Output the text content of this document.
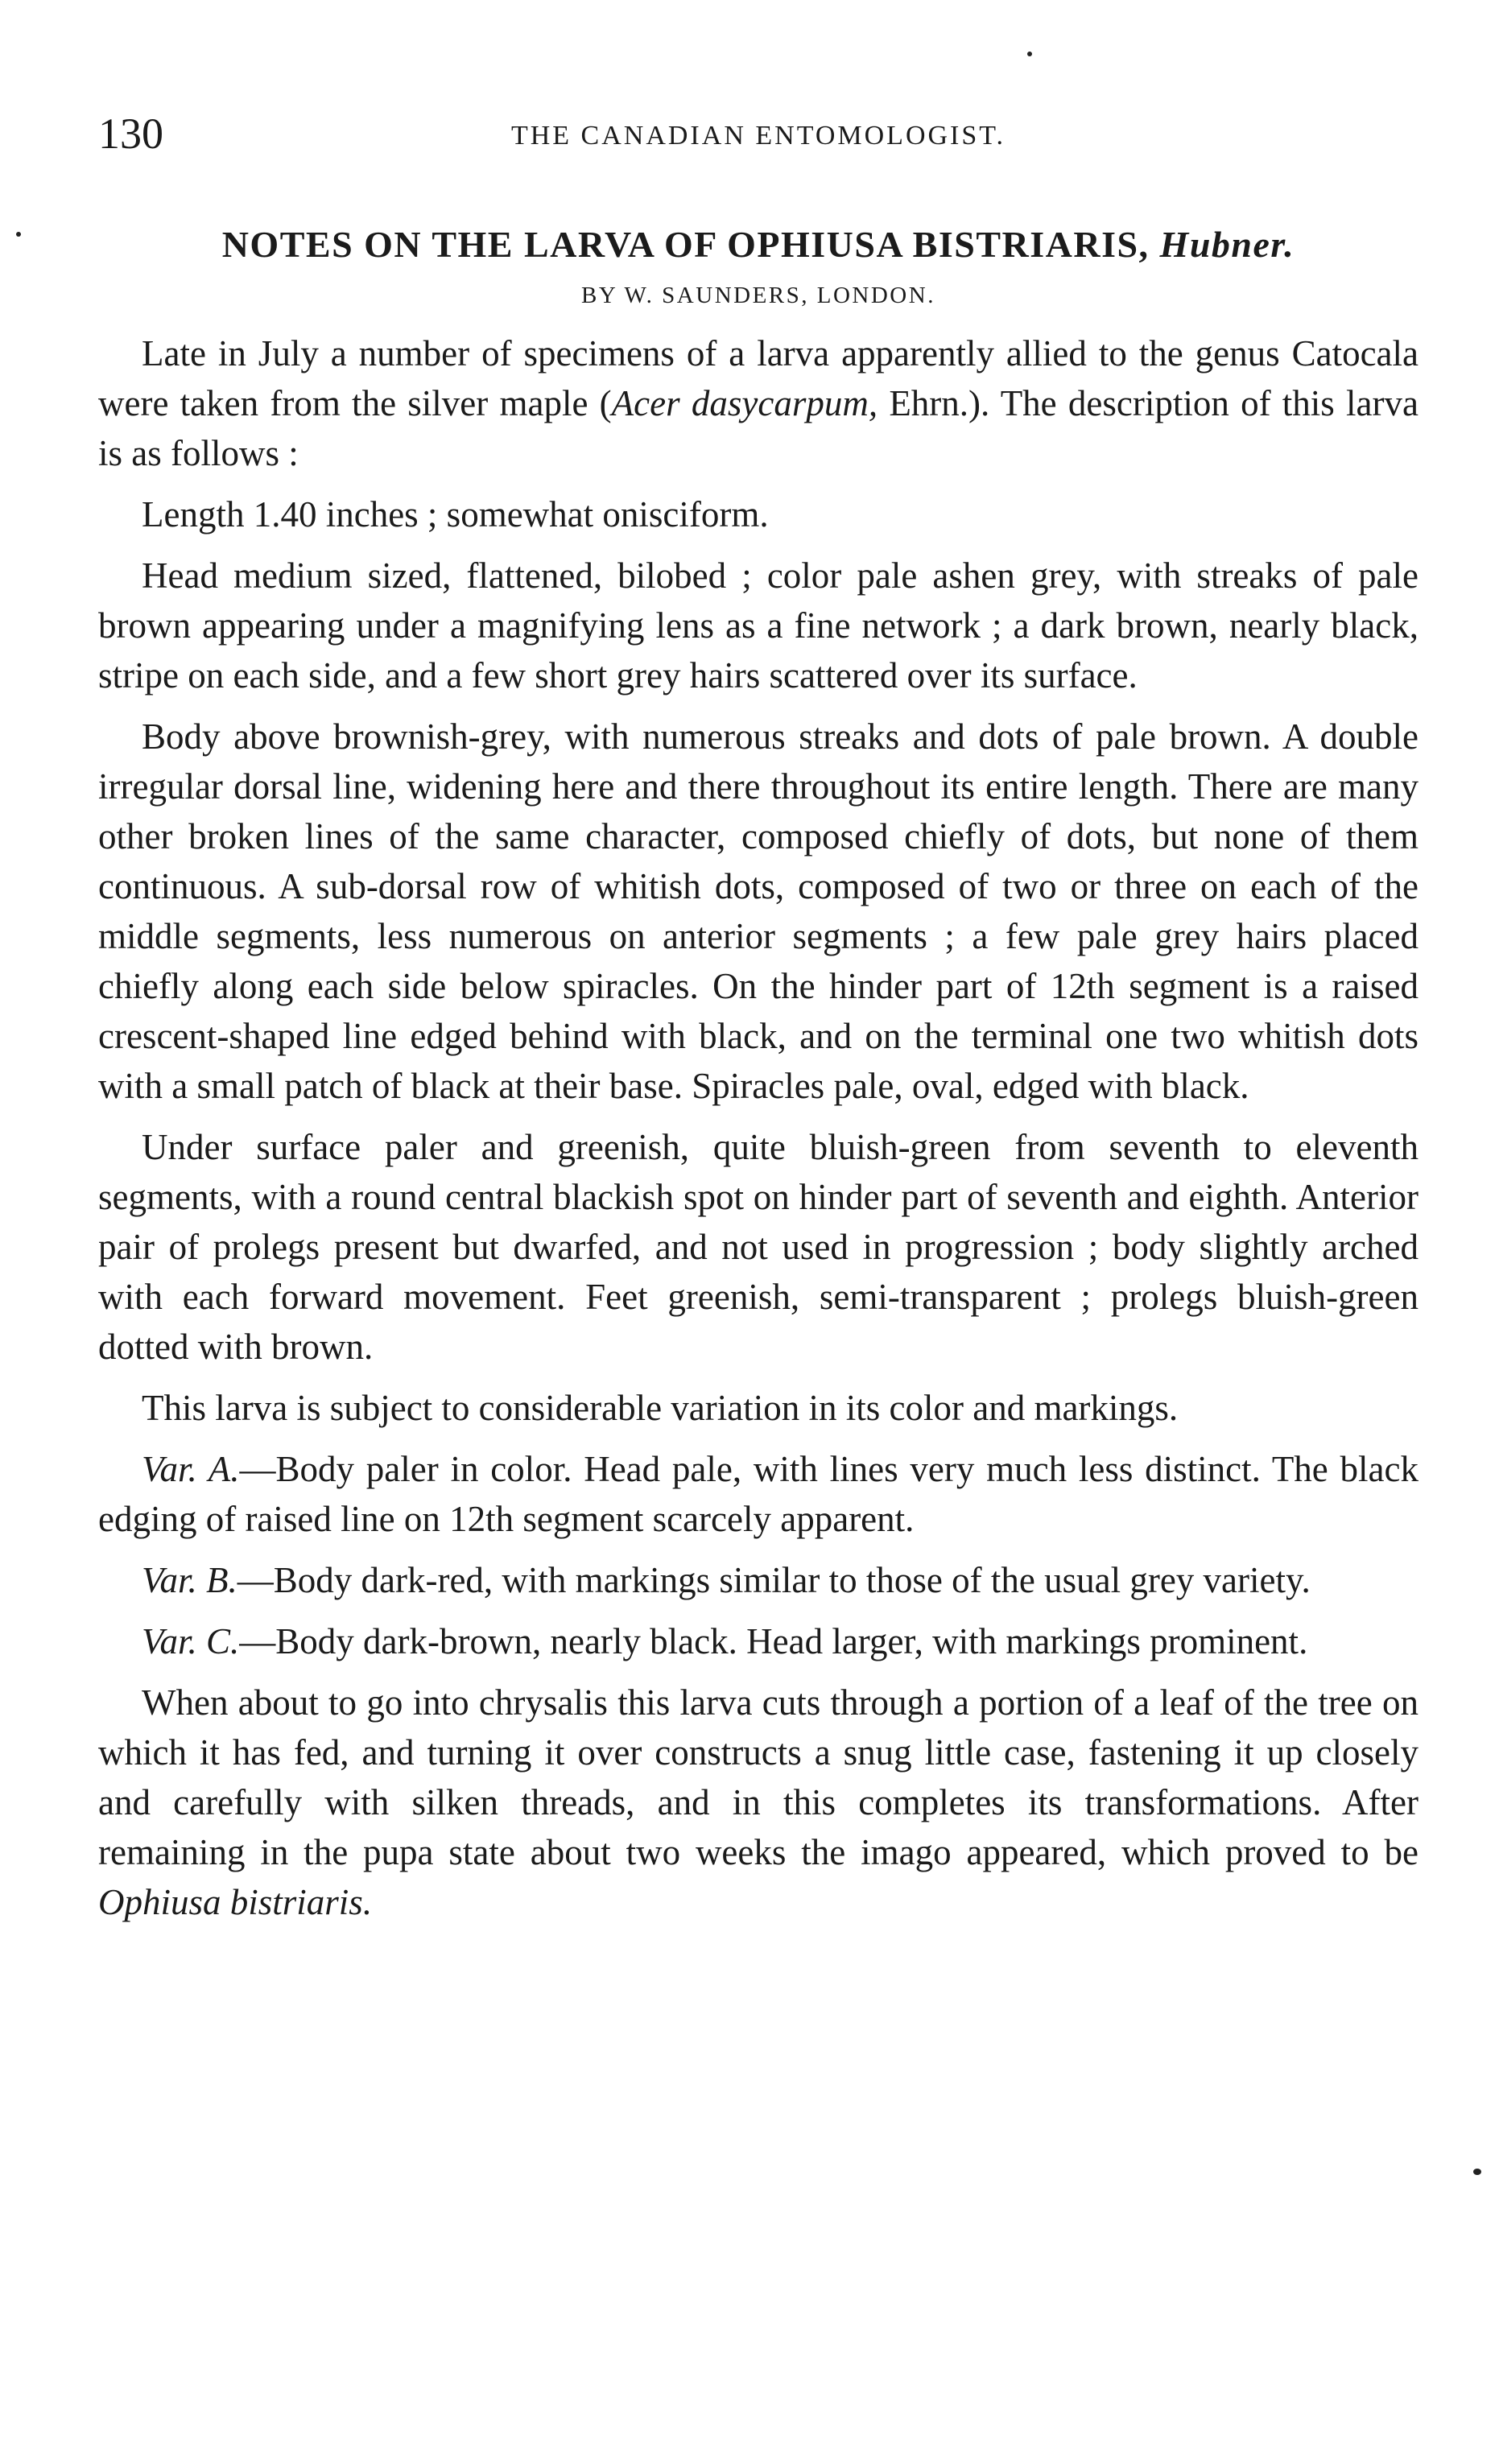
130	THE CANADIAN ENTOMOLOGIST.
NOTES ON THE LARVA OF OPHIUSA BISTRIARIS, Hubner.
BY W. SAUNDERS, LONDON.

Late in July a number of specimens of a larva apparently allied to the genus Catocala were taken from the silver maple (Acer dasycarpum, Ehrn.). The description of this larva is as follows :

Length 1.40 inches ; somewhat onisciform.

Head medium sized, flattened, bilobed ; color pale ashen grey, with streaks of pale brown appearing under a magnifying lens as a fine network ; a dark brown, nearly black, stripe on each side, and a few short grey hairs scattered over its surface.

Body above brownish-grey, with numerous streaks and dots of pale brown. A double irregular dorsal line, widening here and there throughout its entire length. There are many other broken lines of the same character, composed chiefly of dots, but none of them continuous. A sub-dorsal row of whitish dots, composed of two or three on each of the middle segments, less numerous on anterior segments ; a few pale grey hairs placed chiefly along each side below spiracles. On the hinder part of 12th segment is a raised crescent-shaped line edged behind with black, and on the terminal one two whitish dots with a small patch of black at their base. Spiracles pale, oval, edged with black.

Under surface paler and greenish, quite bluish-green from seventh to eleventh segments, with a round central blackish spot on hinder part of seventh and eighth. Anterior pair of prolegs present but dwarfed, and not used in progression ; body slightly arched with each forward movement. Feet greenish, semi-transparent ; prolegs bluish-green dotted with brown.

This larva is subject to considerable variation in its color and markings.

Var. A.—Body paler in color. Head pale, with lines very much less distinct. The black edging of raised line on 12th segment scarcely apparent.

Var. B.—Body dark-red, with markings similar to those of the usual grey variety.

Var. C.—Body dark-brown, nearly black. Head larger, with markings prominent.

When about to go into chrysalis this larva cuts through a portion of a leaf of the tree on which it has fed, and turning it over constructs a snug little case, fastening it up closely and carefully with silken threads, and in this completes its transformations. After remaining in the pupa state about two weeks the imago appeared, which proved to be Ophiusa bistriaris.
